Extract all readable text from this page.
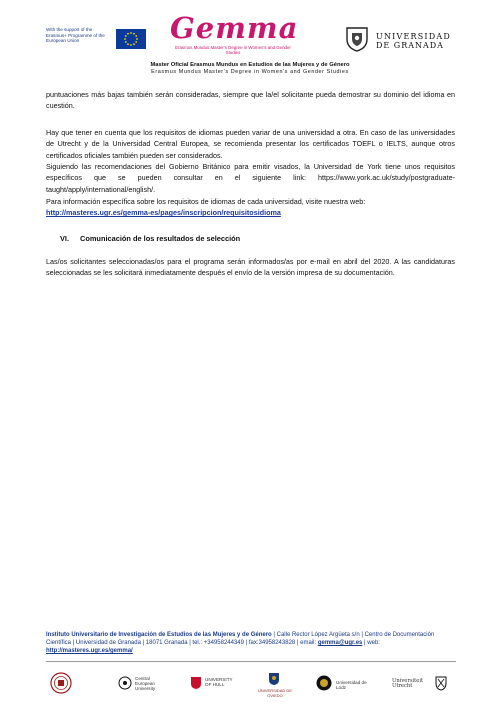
With the support of the Erasmus+ Programme of the European Union	Gemma
Erasmus Mundus Master's Degree in Women's and Gender Studies
UNIVERSIDAD
DE GRANADA
Master Oficial Erasmus Mundus en Estudios de las Mujeres y de Género
Erasmus Mundus Master's Degree in Women's and Gender Studies
puntuaciones más bajas también serán consideradas, siempre que la/el solicitante pueda demostrar su dominio del idioma en cuestión.
Hay que tener en cuenta que los requisitos de idiomas pueden variar de una universidad a otra. En caso de las universidades de Utrecht y de la Universidad Central Europea, se recomienda presentar los certificados TOEFL o IELTS, aunque otros certificados oficiales también pueden ser considerados.
Siguiendo las recomendaciones del Gobierno Británico para emitir visados, la Universidad de York tiene unos requisitos específicos que se pueden consultar en el siguiente link: https://www.york.ac.uk/study/postgraduate-taught/apply/international/english/.
Para información específica sobre los requisitos de idiomas de cada universidad, visite nuestra web:
http://masteres.ugr.es/gemma-es/pages/inscripcion/requisitosidioma
VI. Comunicación de los resultados de selección
Las/os solicitantes seleccionadas/os para el programa serán informados/as por e-mail en abril del 2020. A las candidaturas seleccionadas se les solicitará inmediatamente después el envío de la versión impresa de su documentación.
Instituto Universitario de Investigación de Estudios de las Mujeres y de Género | Calle Rector López Argüeta s/n | Centro de Documentación Científica | Universidad de Granada | 18071 Granada | tel.: +34958244349 | fax:34958243828 | email: gemma@ugr.es | web: http://masteres.ugr.es/gemma/
Central European University
UNIVERSITY OF HULL
UNIVERSIDAD DE OVIEDO
Universidad de Lodz
Universiteit Utrecht
